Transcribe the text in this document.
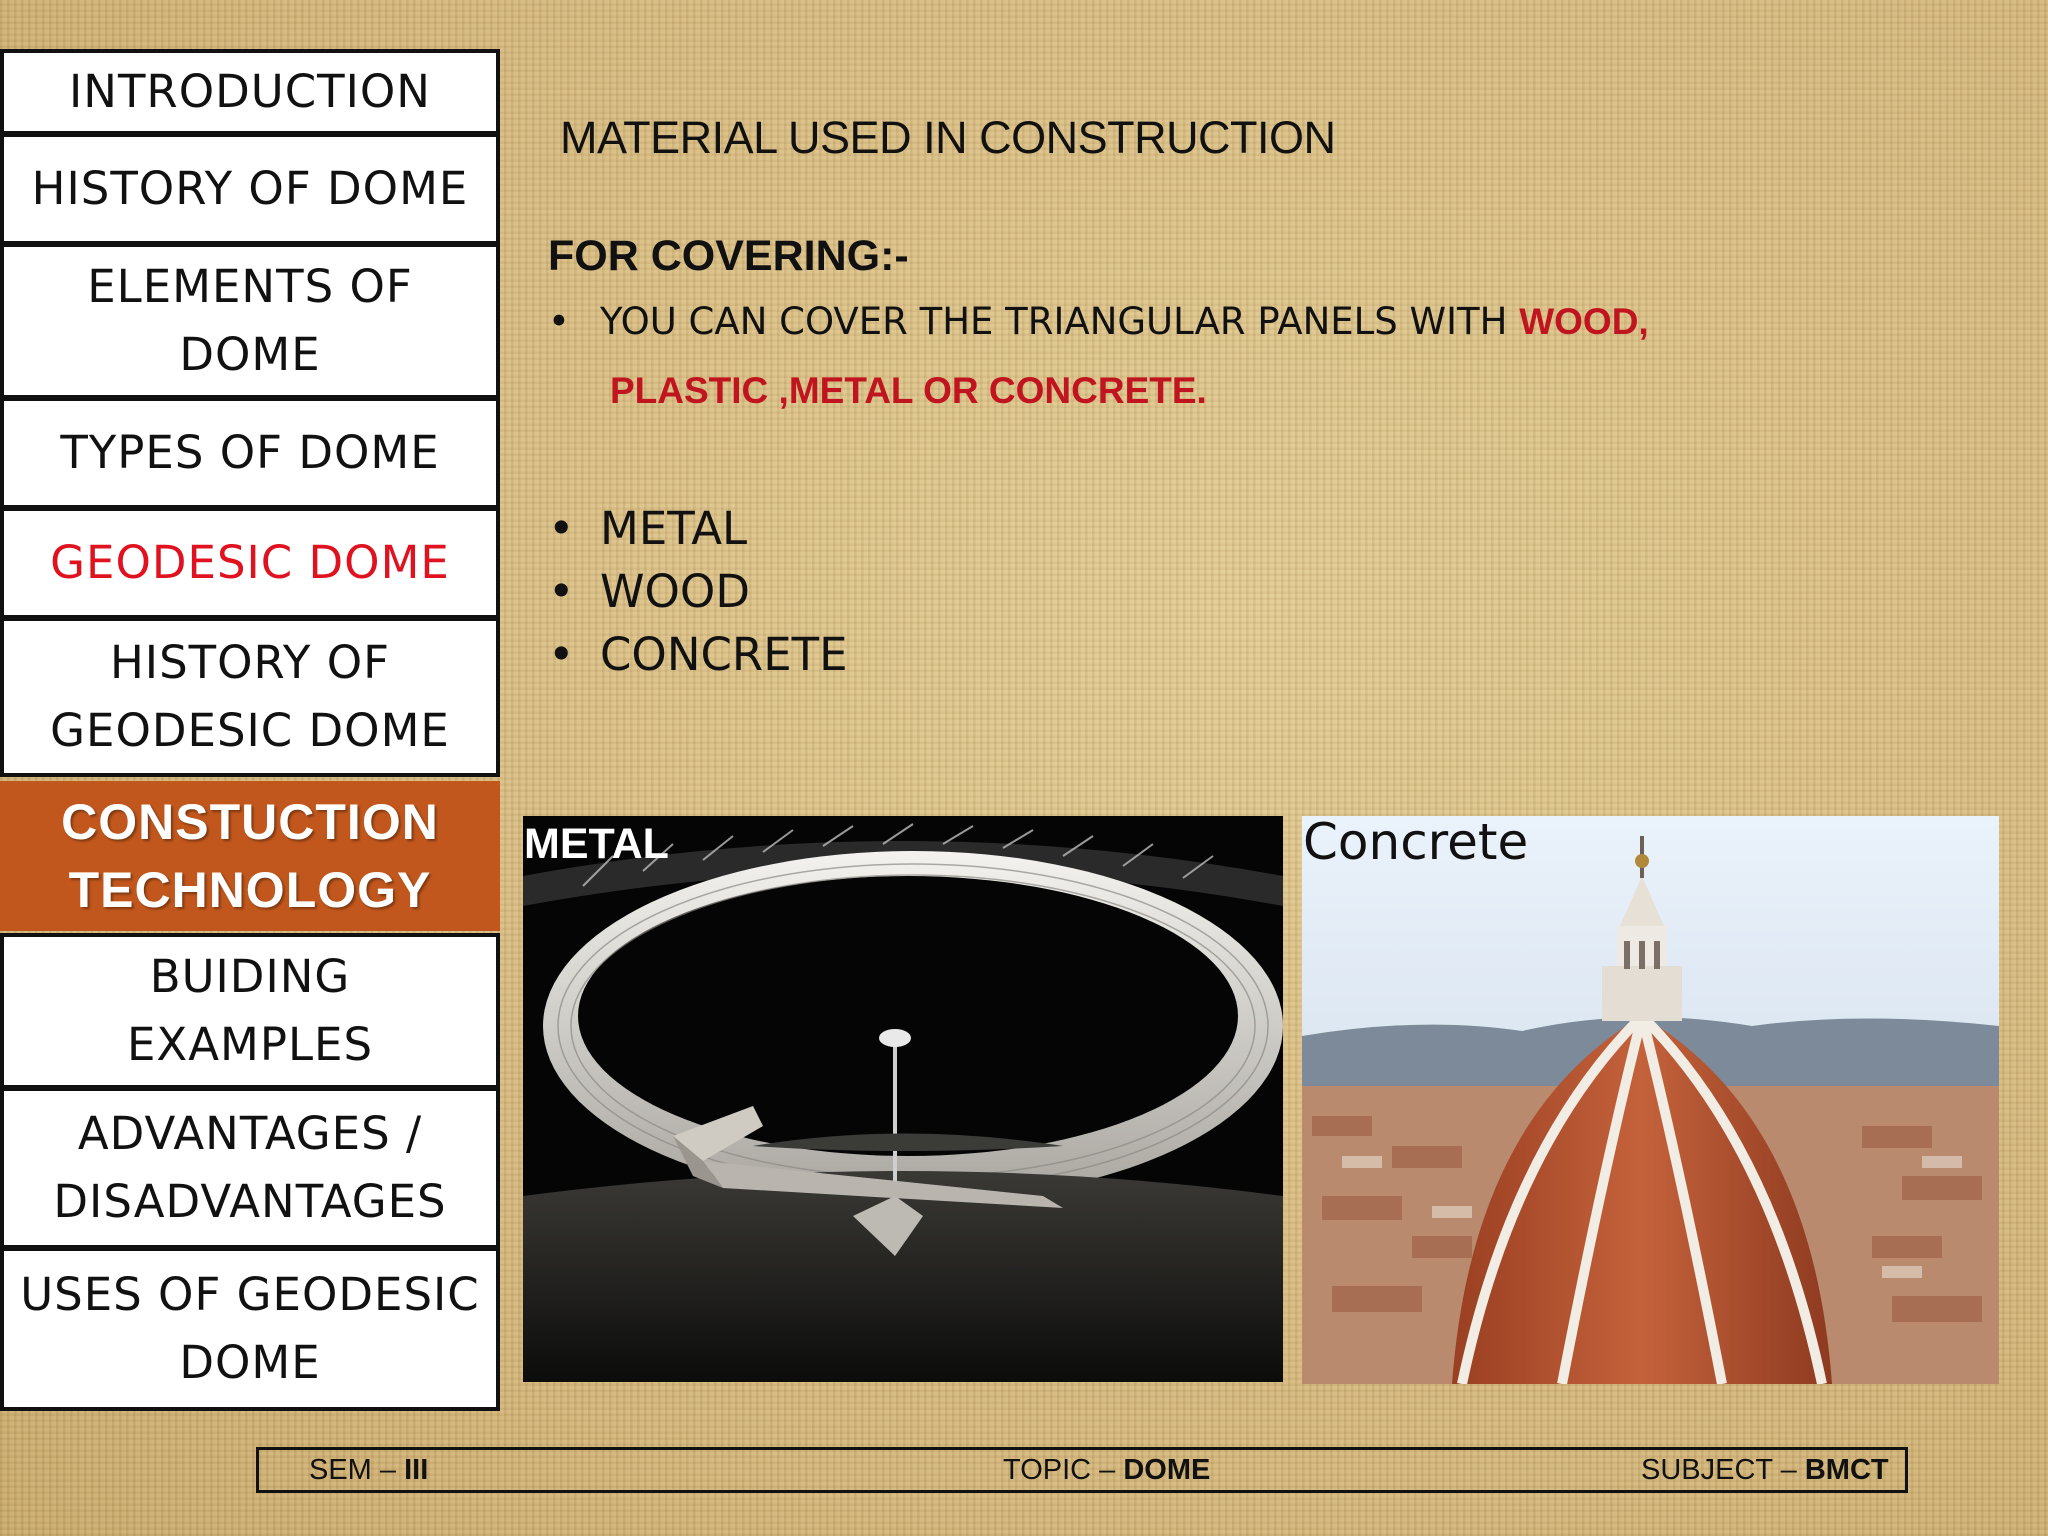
INTRODUCTION
HISTORY OF DOME
ELEMENTS OF
DOME
TYPES OF DOME
GEODESIC DOME
HISTORY OF
GEODESIC DOME
CONSTUCTION
TECHNOLOGY
BUIDING
EXAMPLES
ADVANTAGES /
DISADVANTAGES
USES OF GEODESIC
DOME
MATERIAL USED IN CONSTRUCTION
FOR COVERING:-
• YOU CAN COVER THE TRIANGULAR PANELS WITH WOOD,
PLASTIC ,METAL OR CONCRETE.
• METAL
• WOOD
• CONCRETE
METAL	Concrete
SEM – III	TOPIC – DOME	SUBJECT – BMCT
